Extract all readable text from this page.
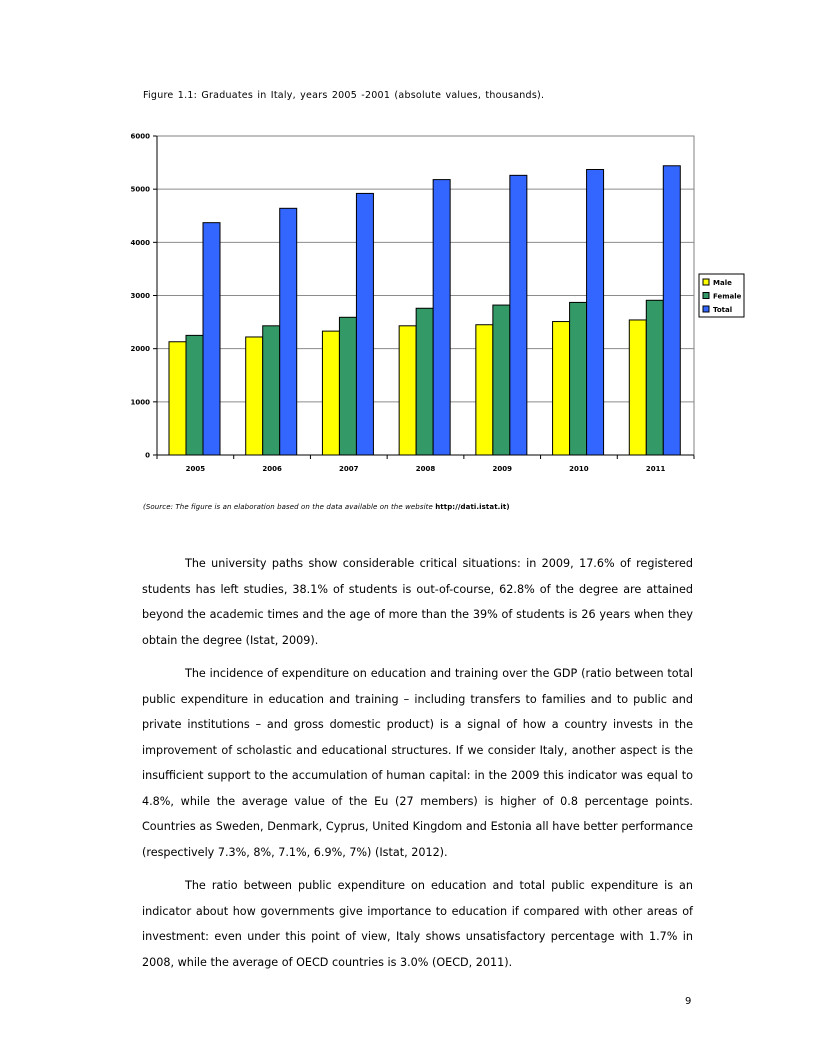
Figure 1.1: Graduates in Italy, years 2005 -2001 (absolute values, thousands).
0
1000
2000
3000
4000
5000
6000
2005	2006	2007	2008	2009	2010	2011
Male
Female
Total
(Source: The figure is an elaboration based on the data available on the website http://dati.istat.it)

The university paths show considerable critical situations: in 2009, 17.6% of registered students has left studies, 38.1% of students is out-of-course, 62.8% of the degree are attained beyond the academic times and the age of more than the 39% of students is 26 years when they obtain the degree (Istat, 2009).

The incidence of expenditure on education and training over the GDP (ratio between total public expenditure in education and training – including transfers to families and to public and private institutions – and gross domestic product) is a signal of how a country invests in the improvement of scholastic and educational structures. If we consider Italy, another aspect is the insufficient support to the accumulation of human capital: in the 2009 this indicator was equal to 4.8%, while the average value of the Eu (27 members) is higher of 0.8 percentage points. Countries as Sweden, Denmark, Cyprus, United Kingdom and Estonia all have better performance (respectively 7.3%, 8%, 7.1%, 6.9%, 7%) (Istat, 2012).

The ratio between public expenditure on education and total public expenditure is an indicator about how governments give importance to education if compared with other areas of investment: even under this point of view, Italy shows unsatisfactory percentage with 1.7% in 2008, while the average of OECD countries is 3.0% (OECD, 2011).

9
